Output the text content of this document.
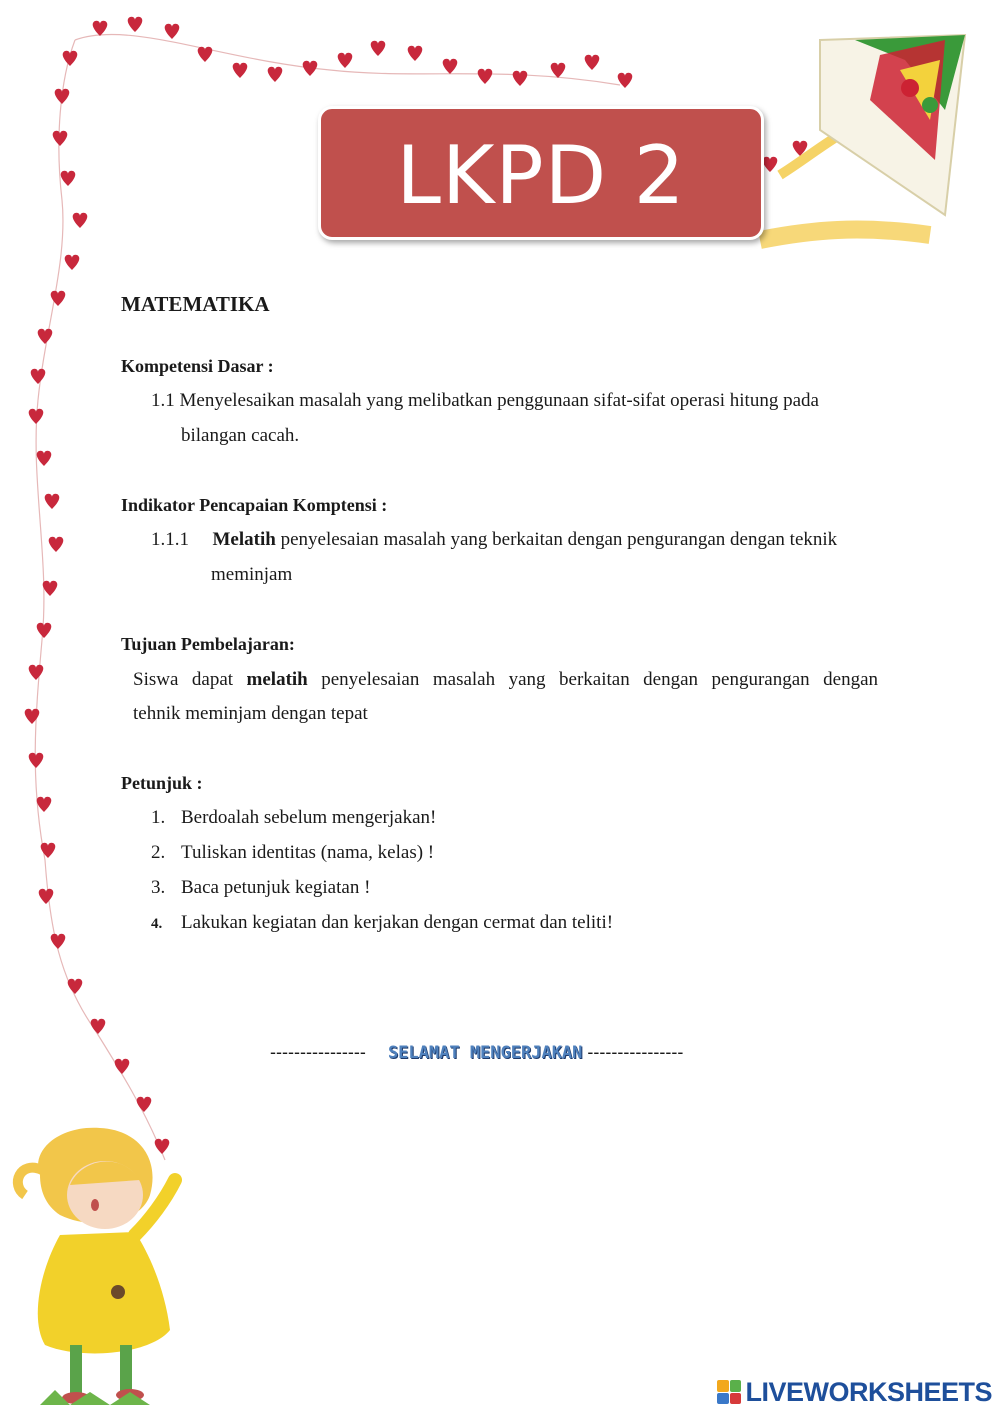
LKPD 2

MATEMATIKA

Kompetensi Dasar :

1.1 Menyelesaikan masalah yang melibatkan penggunaan sifat-sifat operasi hitung pada
bilangan cacah.

Indikator Pencapaian Komptensi :

1.1.1 Melatih penyelesaian masalah yang berkaitan dengan pengurangan dengan teknik
meminjam

Tujuan Pembelajaran:

Siswa dapat melatih penyelesaian masalah yang berkaitan dengan pengurangan dengan
tehnik meminjam dengan tepat

Petunjuk :

1. Berdoalah sebelum mengerjakan!
2. Tuliskan identitas (nama, kelas) !
3. Baca petunjuk kegiatan !
4. Lakukan kegiatan dan kerjakan dengan cermat dan teliti!
---------------- SELAMAT MENGERJAKAN ----------------
LIVEWORKSHEETS
